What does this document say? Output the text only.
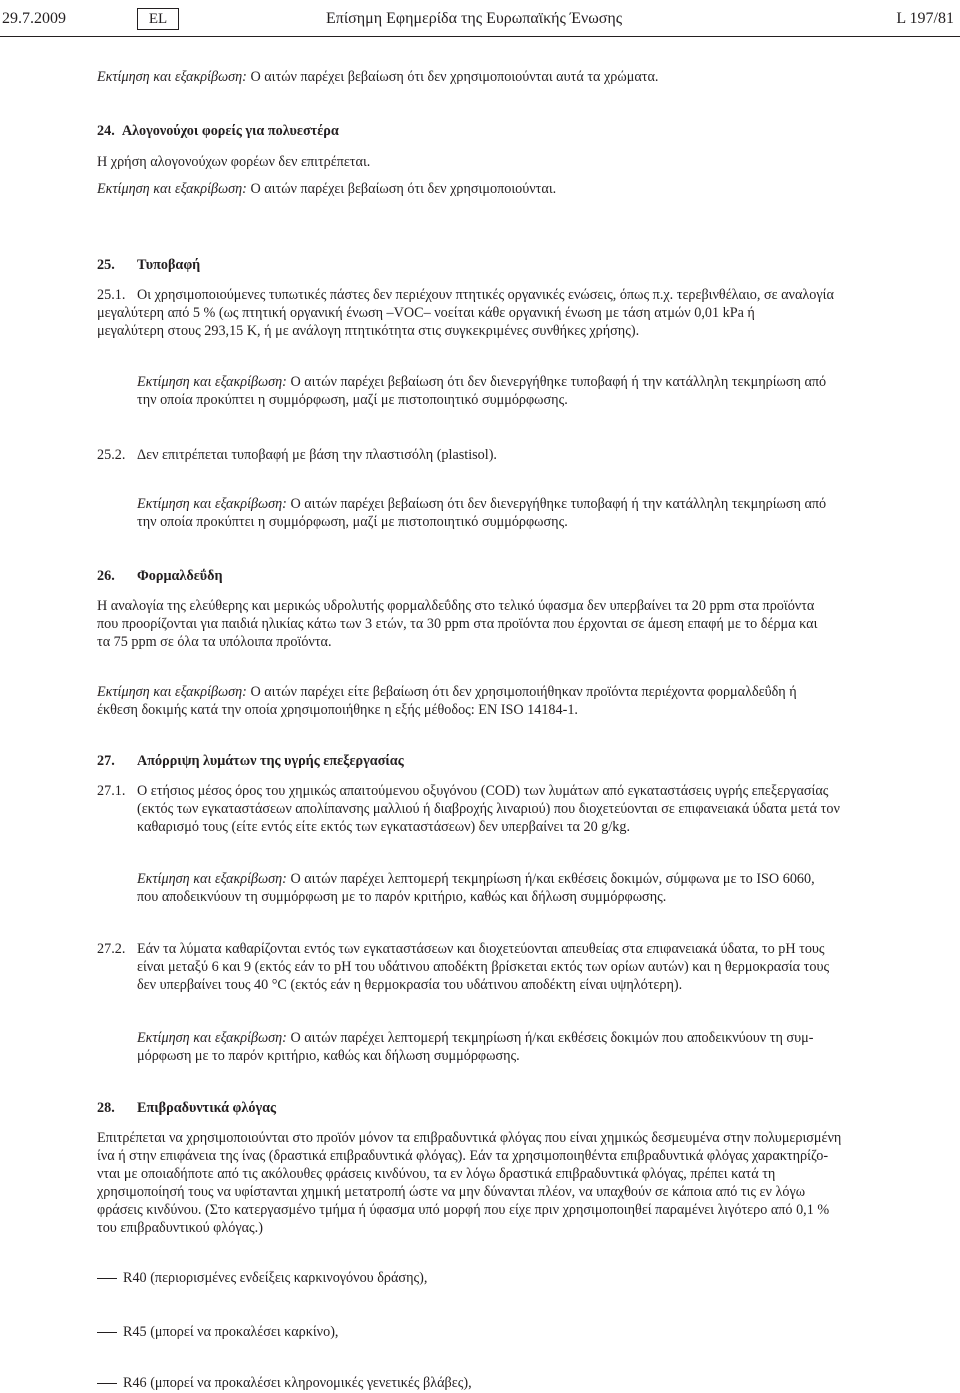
29.7.2009	EL	Επίσημη Εφημερίδα της Ευρωπαϊκής Ένωσης	L 197/81

Εκτίμηση και εξακρίβωση: Ο αιτών παρέχει βεβαίωση ότι δεν χρησιμοποιούνται αυτά τα χρώματα.

24. Αλογονούχοι φορείς για πολυεστέρα

Η χρήση αλογονούχων φορέων δεν επιτρέπεται.

Εκτίμηση και εξακρίβωση: Ο αιτών παρέχει βεβαίωση ότι δεν χρησιμοποιούνται.

25. Τυποβαφή

25.1. Οι χρησιμοποιούμενες τυπωτικές πάστες δεν περιέχουν πτητικές οργανικές ενώσεις, όπως π.χ. τερεβινθέλαιο, σε αναλογία

μεγαλύτερη από 5 % (ως πτητική οργανική ένωση –VOC– νοείται κάθε οργανική ένωση με τάση ατμών 0,01 kPa ή
μεγαλύτερη στους 293,15 K, ή με ανάλογη πτητικότητα στις συγκεκριμένες συνθήκες χρήσης).

Εκτίμηση και εξακρίβωση: Ο αιτών παρέχει βεβαίωση ότι δεν διενεργήθηκε τυποβαφή ή την κατάλληλη τεκμηρίωση από
την οποία προκύπτει η συμμόρφωση, μαζί με πιστοποιητικό συμμόρφωσης.

25.2. Δεν επιτρέπεται τυποβαφή με βάση την πλαστισόλη (plastisol).

Εκτίμηση και εξακρίβωση: Ο αιτών παρέχει βεβαίωση ότι δεν διενεργήθηκε τυποβαφή ή την κατάλληλη τεκμηρίωση από
την οποία προκύπτει η συμμόρφωση, μαζί με πιστοποιητικό συμμόρφωσης.

26. Φορμαλδεΰδη

Η αναλογία της ελεύθερης και μερικώς υδρολυτής φορμαλδεΰδης στο τελικό ύφασμα δεν υπερβαίνει τα 20 ppm στα προϊόντα
που προορίζονται για παιδιά ηλικίας κάτω των 3 ετών, τα 30 ppm στα προϊόντα που έρχονται σε άμεση επαφή με το δέρμα και
τα 75 ppm σε όλα τα υπόλοιπα προϊόντα.

Εκτίμηση και εξακρίβωση: Ο αιτών παρέχει είτε βεβαίωση ότι δεν χρησιμοποιήθηκαν προϊόντα περιέχοντα φορμαλδεΰδη ή
έκθεση δοκιμής κατά την οποία χρησιμοποιήθηκε η εξής μέθοδος: EN ISO 14184-1.

27. Απόρριψη λυμάτων της υγρής επεξεργασίας

27.1. Ο ετήσιος μέσος όρος του χημικώς απαιτούμενου οξυγόνου (COD) των λυμάτων από εγκαταστάσεις υγρής επεξεργασίας
(εκτός των εγκαταστάσεων απολίπανσης μαλλιού ή διαβροχής λιναριού) που διοχετεύονται σε επιφανειακά ύδατα μετά τον
καθαρισμό τους (είτε εντός είτε εκτός των εγκαταστάσεων) δεν υπερβαίνει τα 20 g/kg.

Εκτίμηση και εξακρίβωση: Ο αιτών παρέχει λεπτομερή τεκμηρίωση ή/και εκθέσεις δοκιμών, σύμφωνα με το ISO 6060,
που αποδεικνύουν τη συμμόρφωση με το παρόν κριτήριο, καθώς και δήλωση συμμόρφωσης.

27.2. Εάν τα λύματα καθαρίζονται εντός των εγκαταστάσεων και διοχετεύονται απευθείας στα επιφανειακά ύδατα, το pH τους
είναι μεταξύ 6 και 9 (εκτός εάν το pH του υδάτινου αποδέκτη βρίσκεται εκτός των ορίων αυτών) και η θερμοκρασία τους
δεν υπερβαίνει τους 40 °C (εκτός εάν η θερμοκρασία του υδάτινου αποδέκτη είναι υψηλότερη).

Εκτίμηση και εξακρίβωση: Ο αιτών παρέχει λεπτομερή τεκμηρίωση ή/και εκθέσεις δοκιμών που αποδεικνύουν τη συμ-
μόρφωση με το παρόν κριτήριο, καθώς και δήλωση συμμόρφωσης.

28. Επιβραδυντικά φλόγας

Επιτρέπεται να χρησιμοποιούνται στο προϊόν μόνον τα επιβραδυντικά φλόγας που είναι χημικώς δεσμευμένα στην πολυμερισμένη
ίνα ή στην επιφάνεια της ίνας (δραστικά επιβραδυντικά φλόγας). Εάν τα χρησιμοποιηθέντα επιβραδυντικά φλόγας χαρακτηρίζο-
νται με οποιαδήποτε από τις ακόλουθες φράσεις κινδύνου, τα εν λόγω δραστικά επιβραδυντικά φλόγας, πρέπει κατά τη
χρησιμοποίησή τους να υφίστανται χημική μετατροπή ώστε να μην δύνανται πλέον, να υπαχθούν σε κάποια από τις εν λόγω
φράσεις κινδύνου. (Στο κατεργασμένο τμήμα ή ύφασμα υπό μορφή που είχε πριν χρησιμοποιηθεί παραμένει λιγότερο από 0,1 %
του επιβραδυντικού φλόγας.)

R40 (περιορισμένες ενδείξεις καρκινογόνου δράσης),

R45 (μπορεί να προκαλέσει καρκίνο),

R46 (μπορεί να προκαλέσει κληρονομικές γενετικές βλάβες),
